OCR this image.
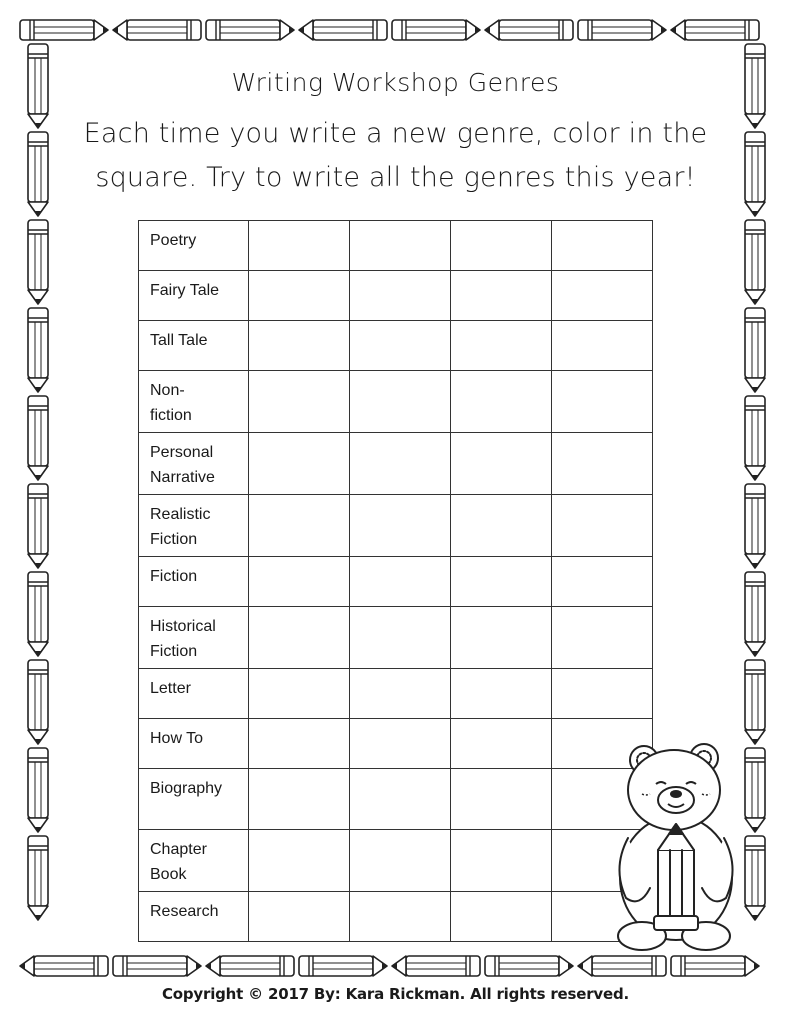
Writing Workshop Genres
Each time you write a new genre, color in the
square. Try to write all the genres this year!
Poetry				

Fairy Tale				

Tall Tale				

Non-
fiction				

Personal
Narrative				

Realistic
Fiction				

Fiction				

Historical
Fiction				

Letter				

How To				

Biography				

Chapter
Book				

Research				

Copyright © 2017 By: Kara Rickman. All rights reserved.
